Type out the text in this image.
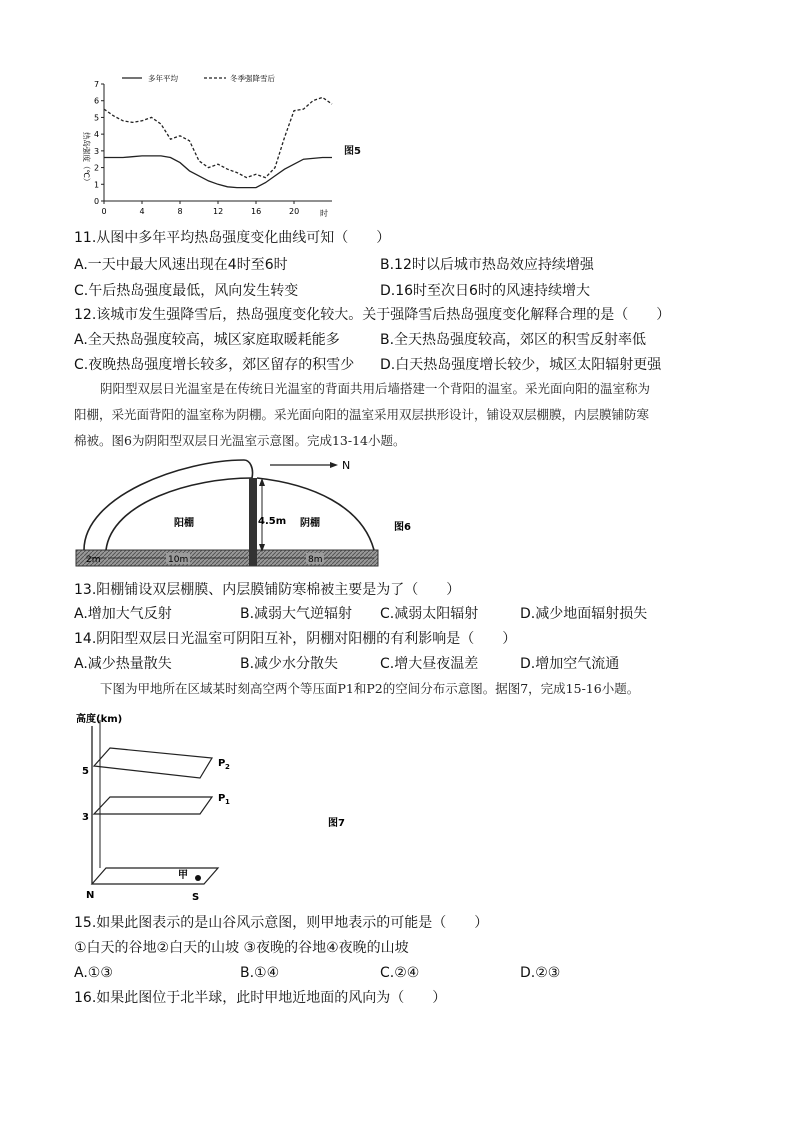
多年平均	冬季强降雪后
热岛强度（℃）
0
1
2
3
4
5
6
7
0	4	8	12	16	20	时
图5
11.从图中多年平均热岛强度变化曲线可知（　　）
A.一天中最大风速出现在4时至6时	B.12时以后城市热岛效应持续增强
C.午后热岛强度最低，风向发生转变	D.16时至次日6时的风速持续增大
12.该城市发生强降雪后，热岛强度变化较大。关于强降雪后热岛强度变化解释合理的是（　　）
A.全天热岛强度较高，城区家庭取暖耗能多	B.全天热岛强度较高，郊区的积雪反射率低
C.夜晚热岛强度增长较多，郊区留存的积雪少 D.白天热岛强度增长较少，城区太阳辐射更强
阴阳型双层日光温室是在传统日光温室的背面共用后墙搭建一个背阳的温室。采光面向阳的温室称为
阳棚，采光面背阳的温室称为阴棚。采光面向阳的温室采用双层拱形设计，铺设双层棚膜，内层膜铺防寒
棉被。图6为阴阳型双层日光温室示意图。完成13-14小题。
N
阳棚	阴棚
4.5m
2m	10m	8m
图6
13.阳棚铺设双层棚膜、内层膜铺防寒棉被主要是为了（　　）
A.增加大气反射	B.减弱大气逆辐射 C.减弱太阳辐射	D.减少地面辐射损失
14.阴阳型双层日光温室可阴阳互补，阴棚对阳棚的有利影响是（　　）
A.减少热量散失	B.减少水分散失	C.增大昼夜温差	D.增加空气流通
下图为甲地所在区域某时刻高空两个等压面P1和P2的空间分布示意图。据图7，完成15-16小题。
高度(km)
P 2
P 1
5
3
甲
N	S
图7
15.如果此图表示的是山谷风示意图，则甲地表示的可能是（　　）
①白天的谷地②白天的山坡 ③夜晚的谷地④夜晚的山坡
A.①③	B.①④	C.②④	D.②③
16.如果此图位于北半球，此时甲地近地面的风向为（　　）
